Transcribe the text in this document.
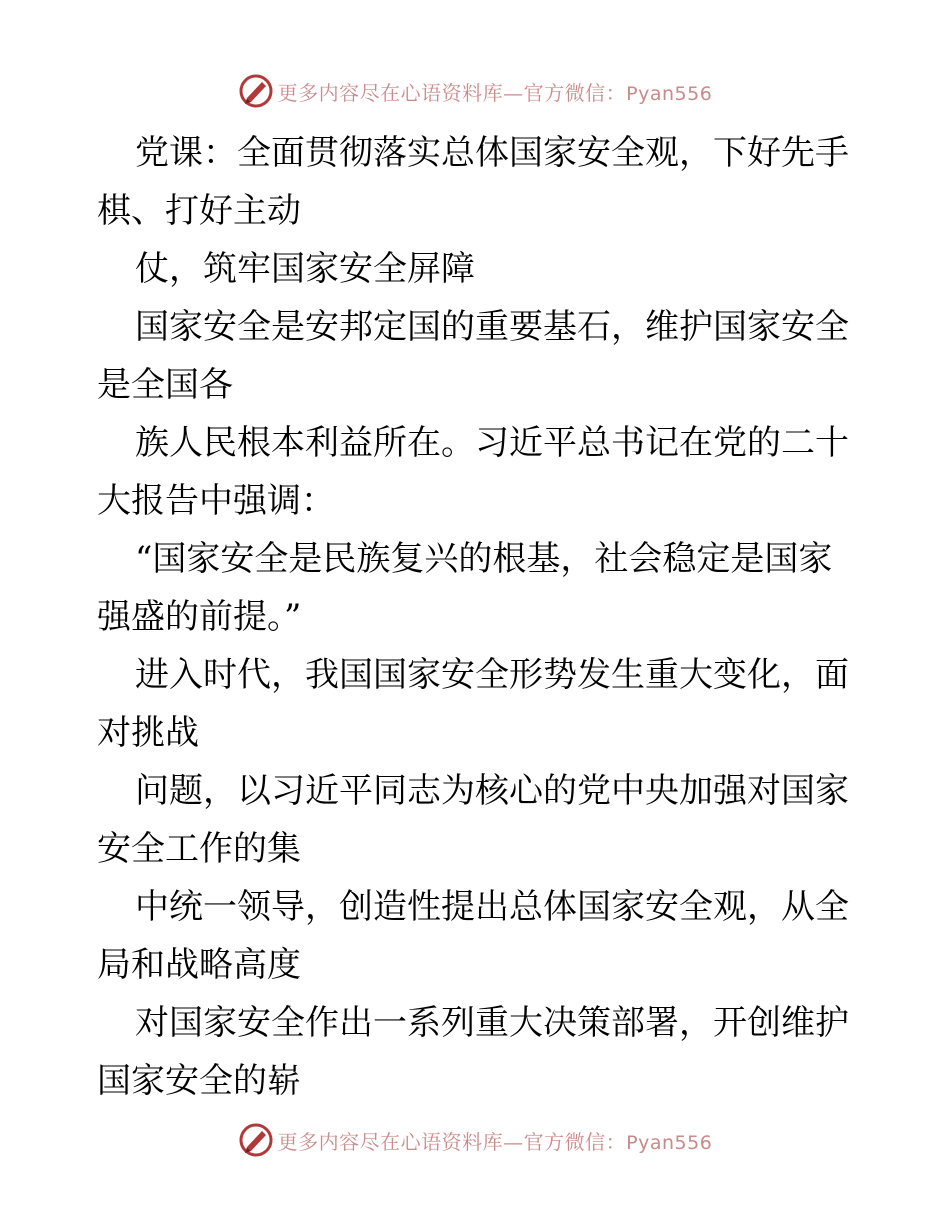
更多内容尽在心语资料库—官方微信：Pyan556
党课：全面贯彻落实总体国家安全观，下好先手
棋、打好主动
仗，筑牢国家安全屏障
国家安全是安邦定国的重要基石，维护国家安全
是全国各
族人民根本利益所在。习近平总书记在党的二十
大报告中强调：
“国家安全是民族复兴的根基，社会稳定是国家
强盛的前提。”
进入时代，我国国家安全形势发生重大变化，面
对挑战
问题，以习近平同志为核心的党中央加强对国家
安全工作的集
中统一领导，创造性提出总体国家安全观，从全
局和战略高度
对国家安全作出一系列重大决策部署，开创维护
国家安全的崭
更多内容尽在心语资料库—官方微信：Pyan556
